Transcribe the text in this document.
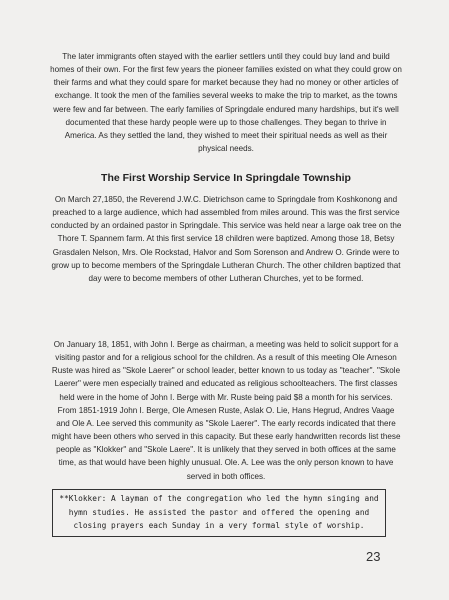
The later immigrants often stayed with the earlier settlers until they could buy land and build homes of their own. For the first few years the pioneer families existed on what they could grow on their farms and what they could spare for market because they had no money or other articles of exchange. It took the men of the families several weeks to make the trip to market, as the towns were few and far between. The early families of Springdale endured many hardships, but it's well documented that these hardy people were up to those challenges. They began to thrive in America. As they settled the land, they wished to meet their spiritual needs as well as their physical needs.

The First Worship Service In Springdale Township

On March 27,1850, the Reverend J.W.C. Dietrichson came to Springdale from Koshkonong and preached to a large audience, which had assembled from miles around. This was the first service conducted by an ordained pastor in Springdale. This service was held near a large oak tree on the Thore T. Spannem farm. At this first service 18 children were baptized. Among those 18, Betsy Grasdalen Nelson, Mrs. Ole Rockstad, Halvor and Som Sorenson and Andrew O. Grinde were to grow up to become members of the Springdale Lutheran Church. The other children baptized that day were to become members of other Lutheran Churches, yet to be formed.

On January 18, 1851, with John I. Berge as chairman, a meeting was held to solicit support for a visiting pastor and for a religious school for the children. As a result of this meeting Ole Arneson Ruste was hired as "Skole Laerer" or school leader, better known to us today as "teacher". "Skole Laerer" were men especially trained and educated as religious schoolteachers. The first classes held were in the home of John I. Berge with Mr. Ruste being paid $8 a month for his services. From 1851-1919 John I. Berge, Ole Amesen Ruste, Aslak O. Lie, Hans Hegrud, Andres Vaage and Ole A. Lee served this community as "Skole Laerer". The early records indicated that there might have been others who served in this capacity. But these early handwritten records list these people as "Klokker" and "Skole Laere". It is unlikely that they served in both offices at the same time, as that would have been highly unusual. Ole. A. Lee was the only person known to have served in both offices.

**Klokker: A layman of the congregation who led the hymn singing and hymn studies. He assisted the pastor and offered the opening and closing prayers each Sunday in a very formal style of worship.
23
